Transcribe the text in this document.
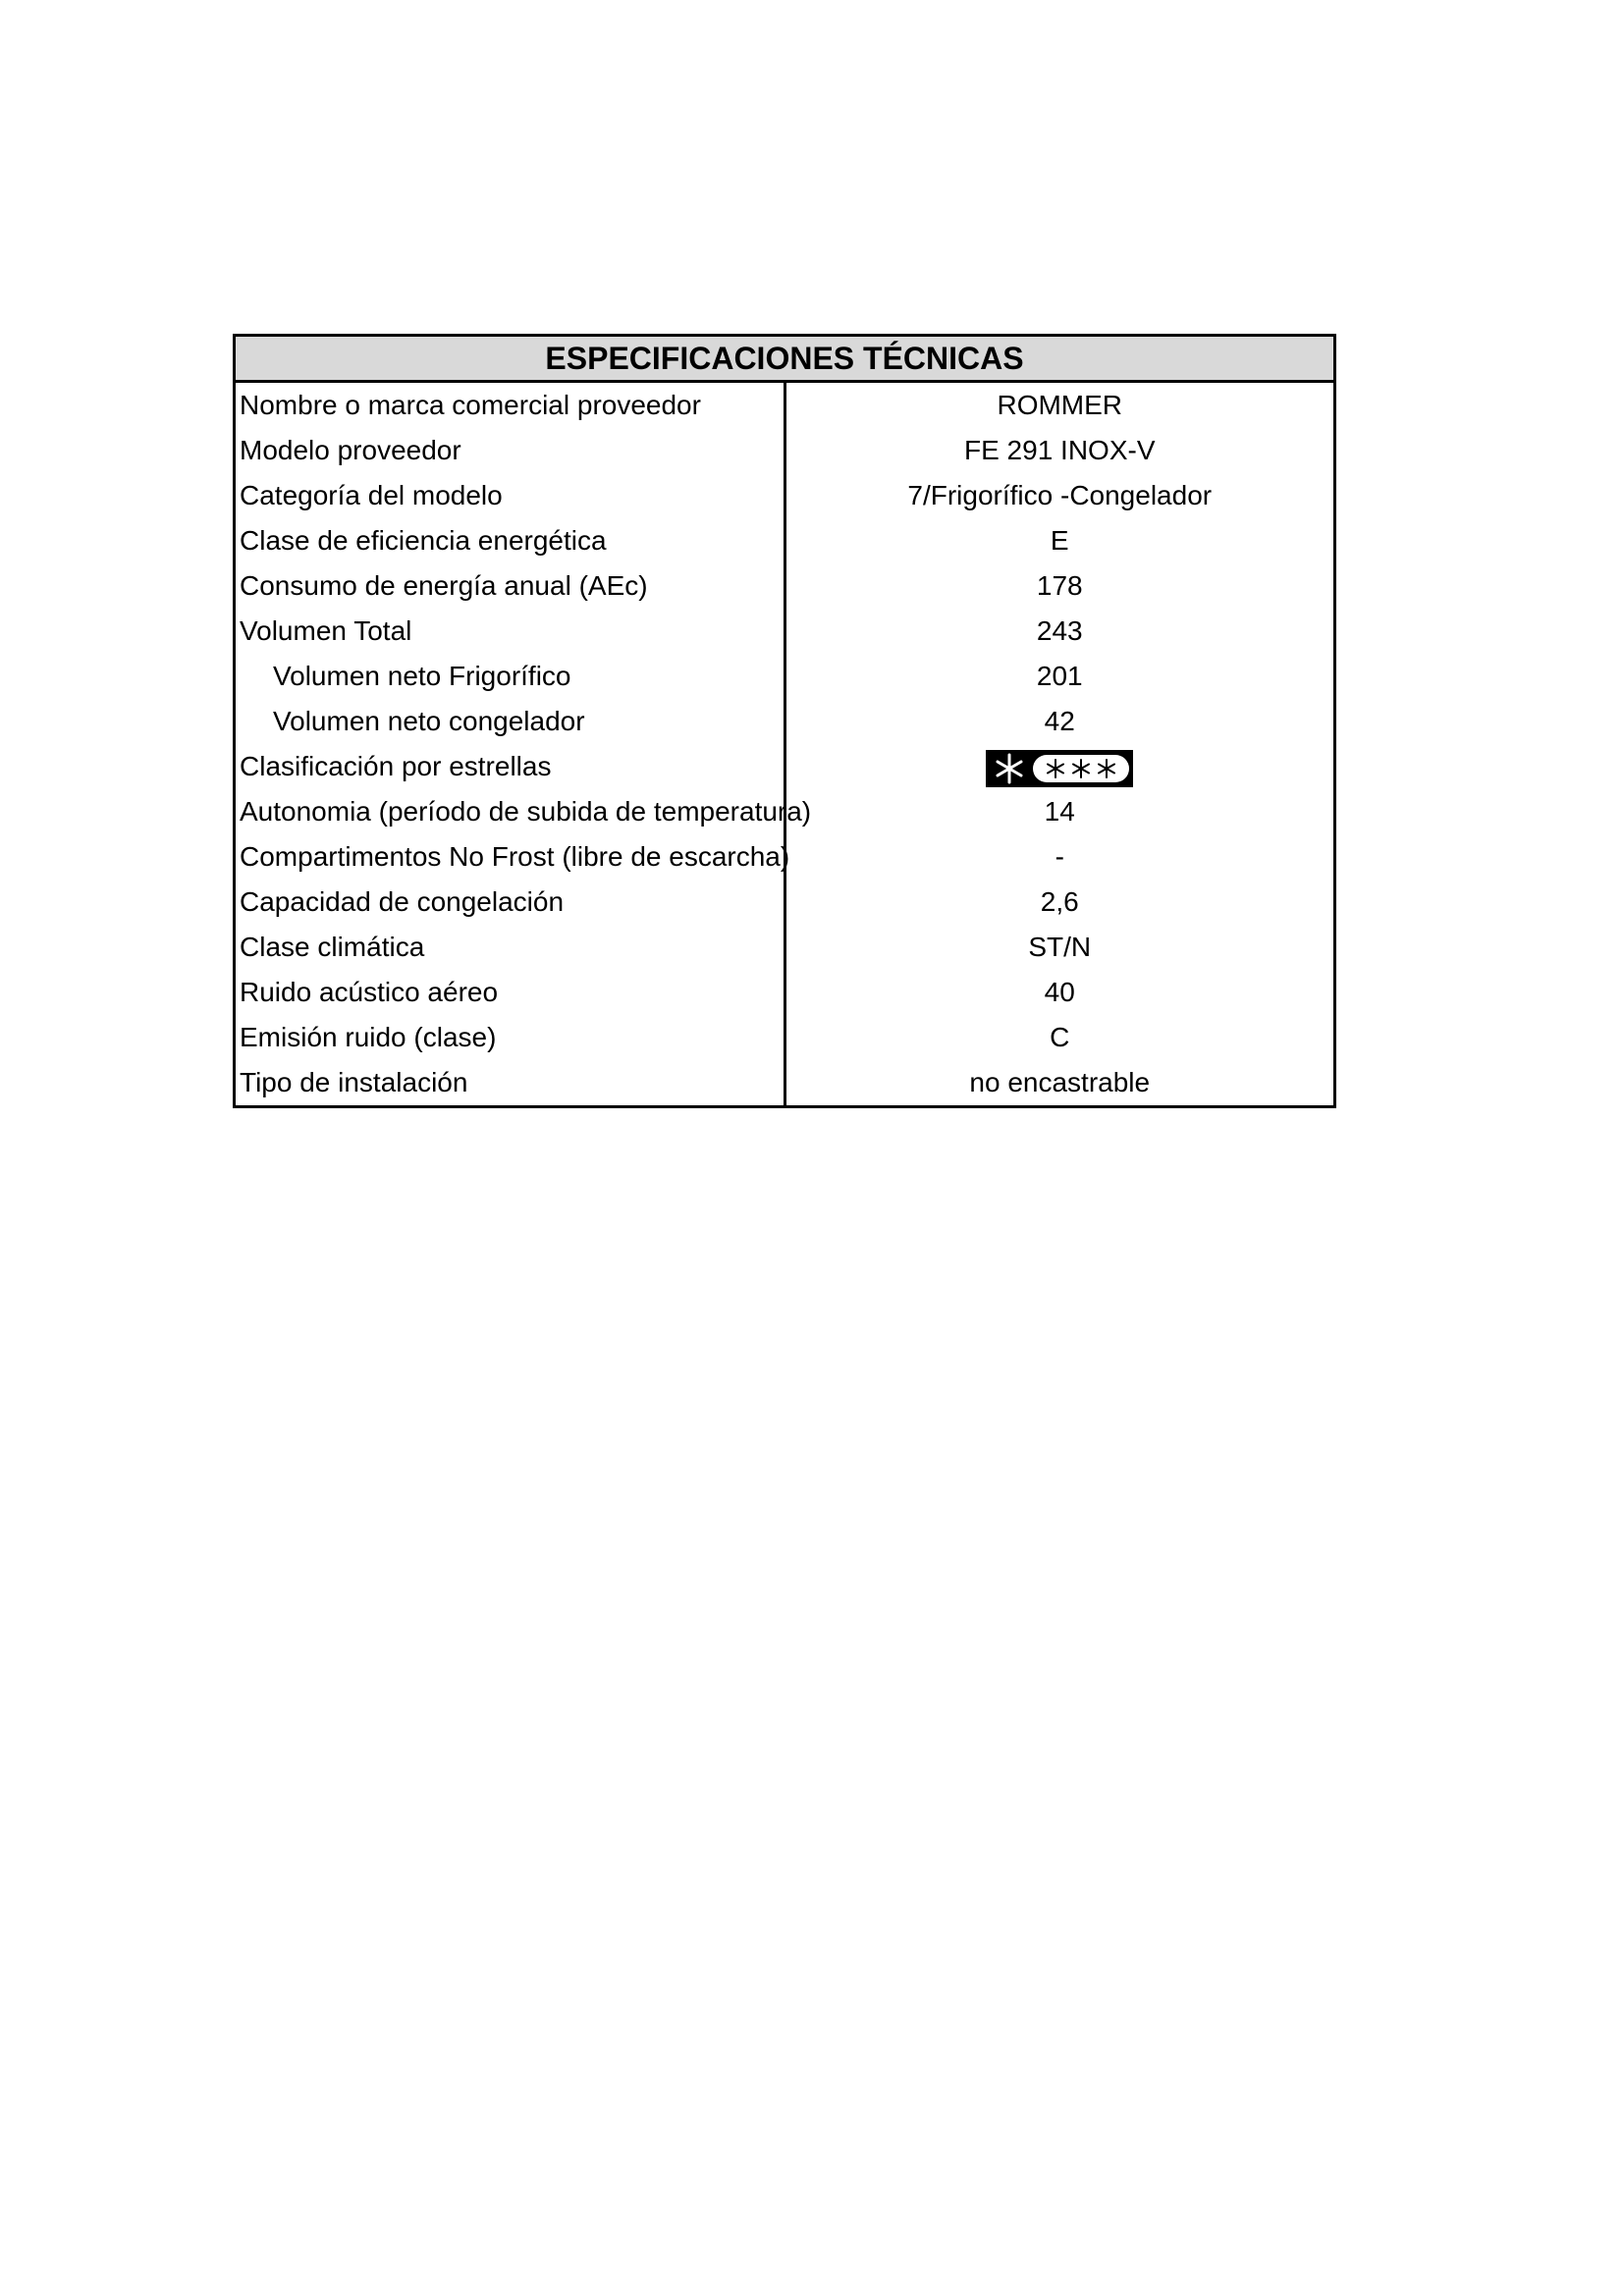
ESPECIFICACIONES TÉCNICAS	
Nombre o marca comercial proveedor	ROMMER
Modelo proveedor	FE 291 INOX-V
Categoría del modelo	7/Frigorífico -Congelador
Clase de eficiencia energética	E
Consumo de energía anual (AEc)	178
Volumen Total	243
Volumen neto Frigorífico	201
Volumen neto congelador	42
Clasificación por estrellas	

Autonomia (período de subida de temperatura)	14
Compartimentos No Frost (libre de escarcha)	-
Capacidad de congelación	2,6
Clase climática	ST/N
Ruido acústico aéreo	40
Emisión ruido (clase)	C
Tipo de instalación	no encastrable
